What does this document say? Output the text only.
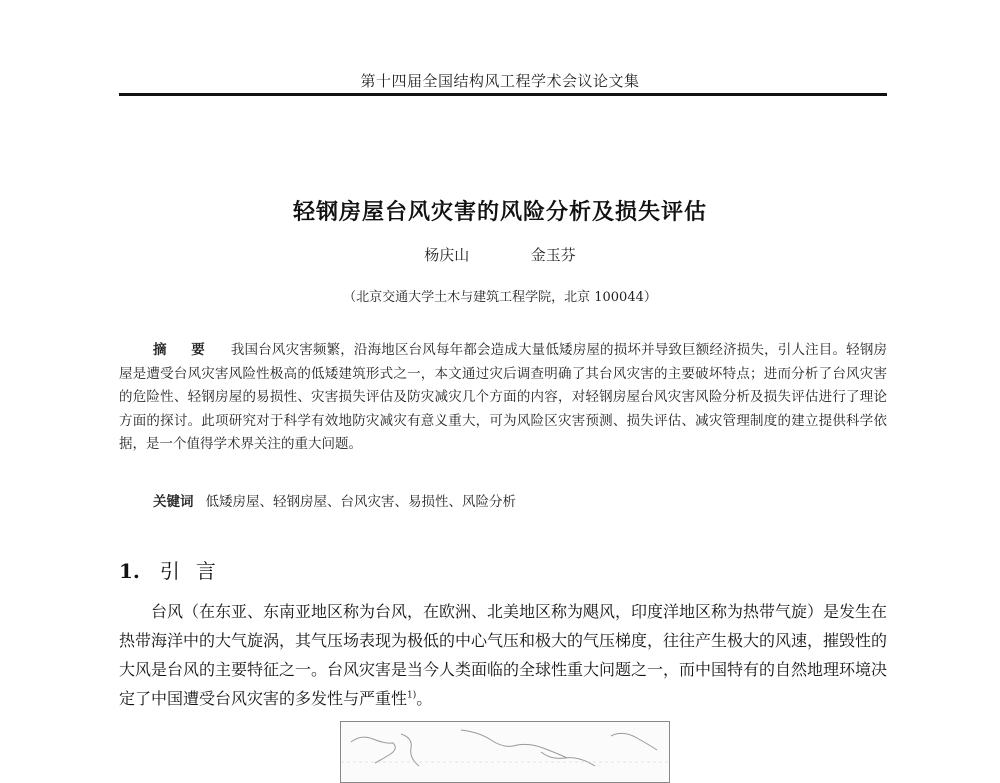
第十四届全国结构风工程学术会议论文集
轻钢房屋台风灾害的风险分析及损失评估
杨庆山	金玉芬
（北京交通大学土木与建筑工程学院，北京 100044）
摘 要 我国台风灾害频繁，沿海地区台风每年都会造成大量低矮房屋的损坏并导致巨额经济损失，引人注目。轻钢房屋是遭受台风灾害风险性极高的低矮建筑形式之一，本文通过灾后调查明确了其台风灾害的主要破坏特点；进而分析了台风灾害的危险性、轻钢房屋的易损性、灾害损失评估及防灾减灾几个方面的内容，对轻钢房屋台风灾害风险分析及损失评估进行了理论方面的探讨。此项研究对于科学有效地防灾减灾有意义重大，可为风险区灾害预测、损失评估、减灾管理制度的建立提供科学依据，是一个值得学术界关注的重大问题。
关键词 低矮房屋、轻钢房屋、台风灾害、易损性、风险分析
1. 引言
台风（在东亚、东南亚地区称为台风，在欧洲、北美地区称为飓风，印度洋地区称为热带气旋）是发生在热带海洋中的大气旋涡，其气压场表现为极低的中心气压和极大的气压梯度，往往产生极大的风速，摧毁性的大风是台风的主要特征之一。台风灾害是当今人类面临的全球性重大问题之一，而中国特有的自然地理环境决定了中国遭受台风灾害的多发性与严重性$^{1)}$。
